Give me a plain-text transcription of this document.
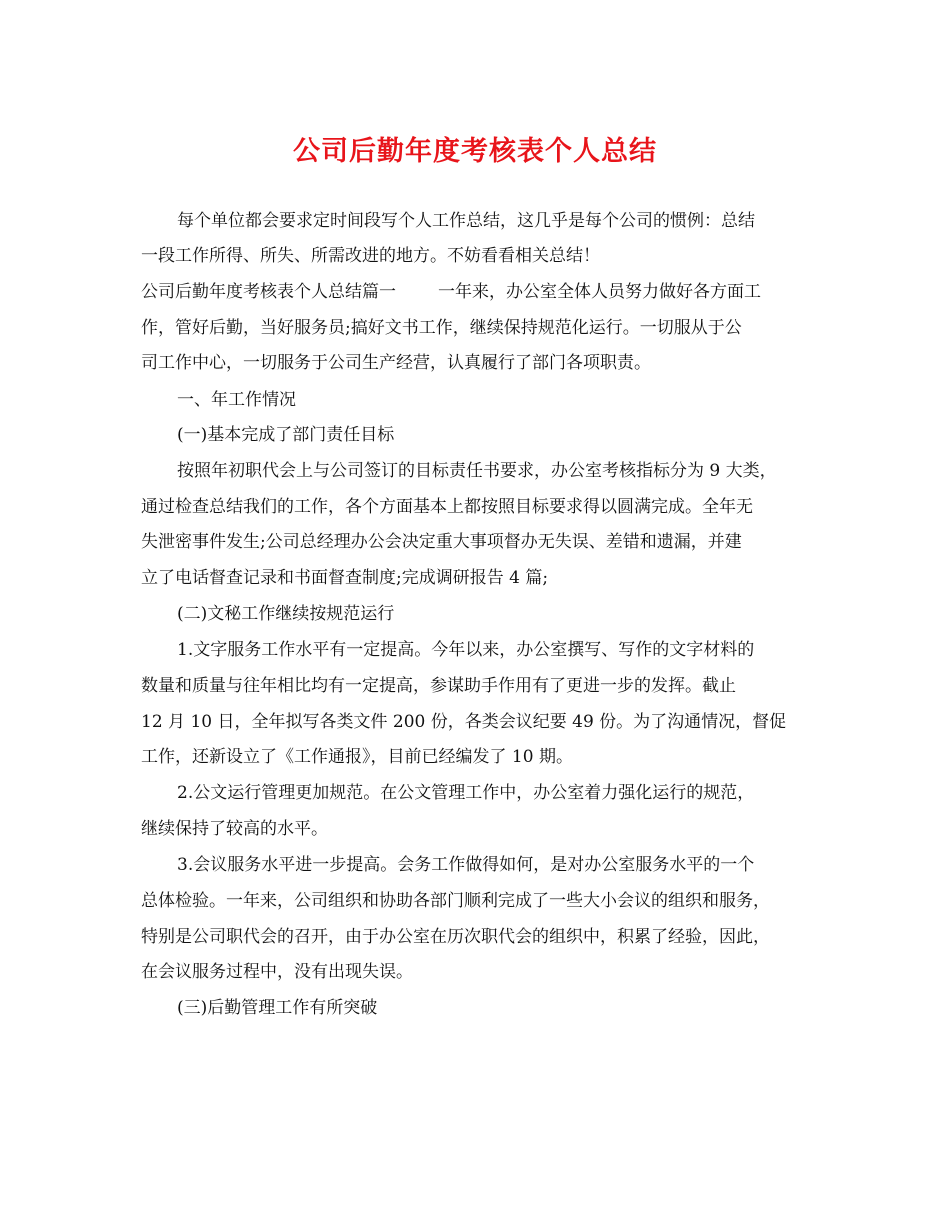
公司后勤年度考核表个人总结
每个单位都会要求定时间段写个人工作总结，这几乎是每个公司的惯例：总结
一段工作所得、所失、所需改进的地方。不妨看看相关总结！
公司后勤年度考核表个人总结篇一 一年来，办公室全体人员努力做好各方面工
作，管好后勤，当好服务员;搞好文书工作，继续保持规范化运行。一切服从于公
司工作中心，一切服务于公司生产经营，认真履行了部门各项职责。
一、年工作情况
(一)基本完成了部门责任目标
按照年初职代会上与公司签订的目标责任书要求，办公室考核指标分为 9 大类，
通过检查总结我们的工作，各个方面基本上都按照目标要求得以圆满完成。全年无
失泄密事件发生;公司总经理办公会决定重大事项督办无失误、差错和遗漏，并建
立了电话督查记录和书面督查制度;完成调研报告 4 篇;
(二)文秘工作继续按规范运行
1.文字服务工作水平有一定提高。今年以来，办公室撰写、写作的文字材料的
数量和质量与往年相比均有一定提高，参谋助手作用有了更进一步的发挥。截止
12 月 10 日，全年拟写各类文件 200 份，各类会议纪要 49 份。为了沟通情况，督促
工作，还新设立了《工作通报》，目前已经编发了 10 期。
2.公文运行管理更加规范。在公文管理工作中，办公室着力强化运行的规范，
继续保持了较高的水平。
3.会议服务水平进一步提高。会务工作做得如何，是对办公室服务水平的一个
总体检验。一年来，公司组织和协助各部门顺利完成了一些大小会议的组织和服务，
特别是公司职代会的召开，由于办公室在历次职代会的组织中，积累了经验，因此，
在会议服务过程中，没有出现失误。
(三)后勤管理工作有所突破
